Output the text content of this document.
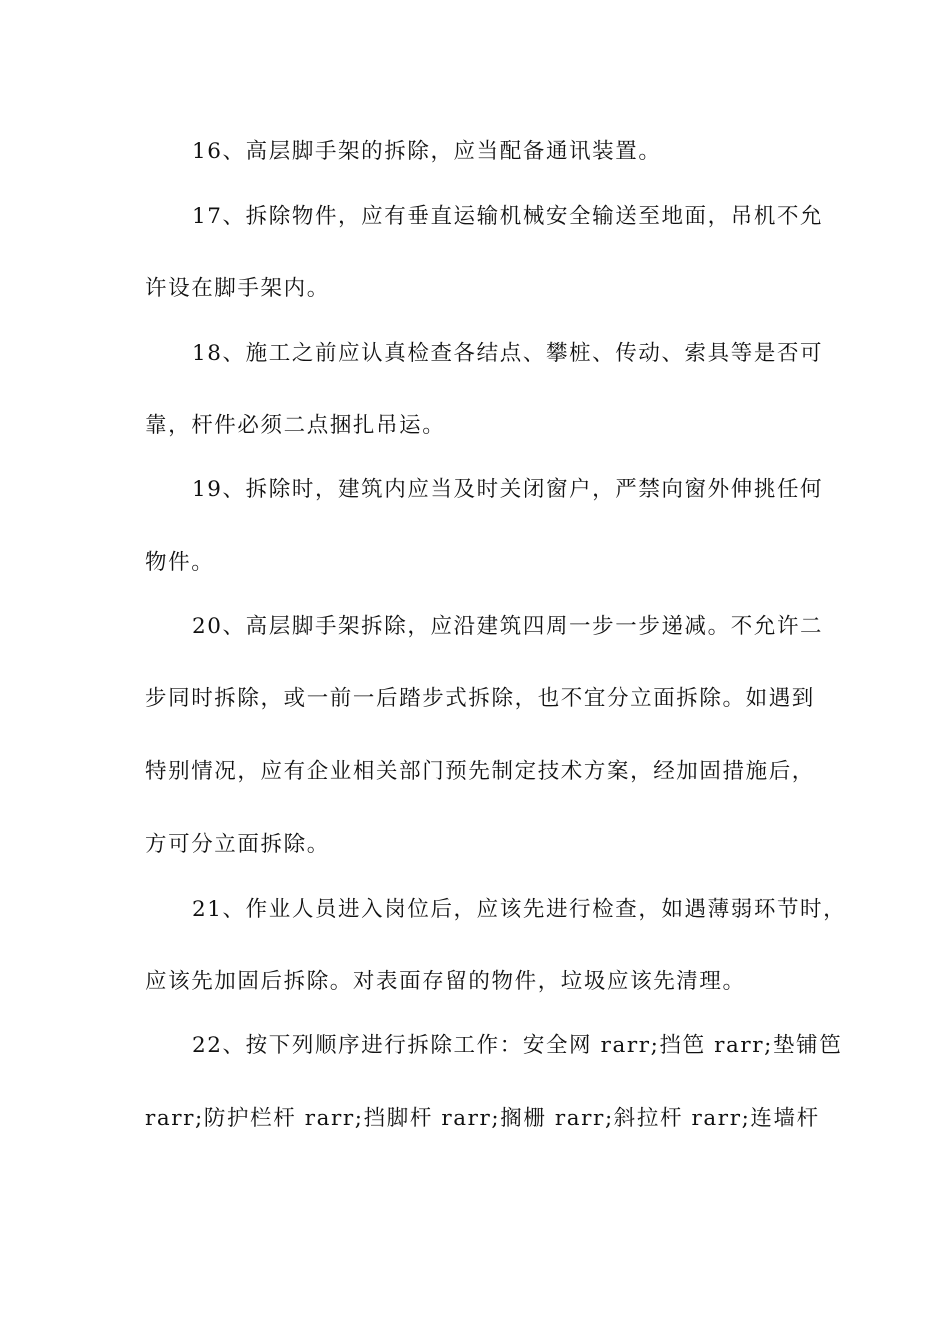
16、高层脚手架的拆除，应当配备通讯装置。
17、拆除物件，应有垂直运输机械安全输送至地面，吊机不允
许设在脚手架内。
18、施工之前应认真检查各结点、攀桩、传动、索具等是否可
靠，杆件必须二点捆扎吊运。
19、拆除时，建筑内应当及时关闭窗户，严禁向窗外伸挑任何
物件。
20、高层脚手架拆除，应沿建筑四周一步一步递减。不允许二
步同时拆除，或一前一后踏步式拆除，也不宜分立面拆除。如遇到
特别情况，应有企业相关部门预先制定技术方案，经加固措施后，
方可分立面拆除。
21、作业人员进入岗位后，应该先进行检查，如遇薄弱环节时，
应该先加固后拆除。对表面存留的物件，垃圾应该先清理。
22、按下列顺序进行拆除工作：安全网 rarr;挡笆 rarr;垫铺笆
rarr;防护栏杆 rarr;挡脚杆 rarr;搁栅 rarr;斜拉杆 rarr;连墙杆
